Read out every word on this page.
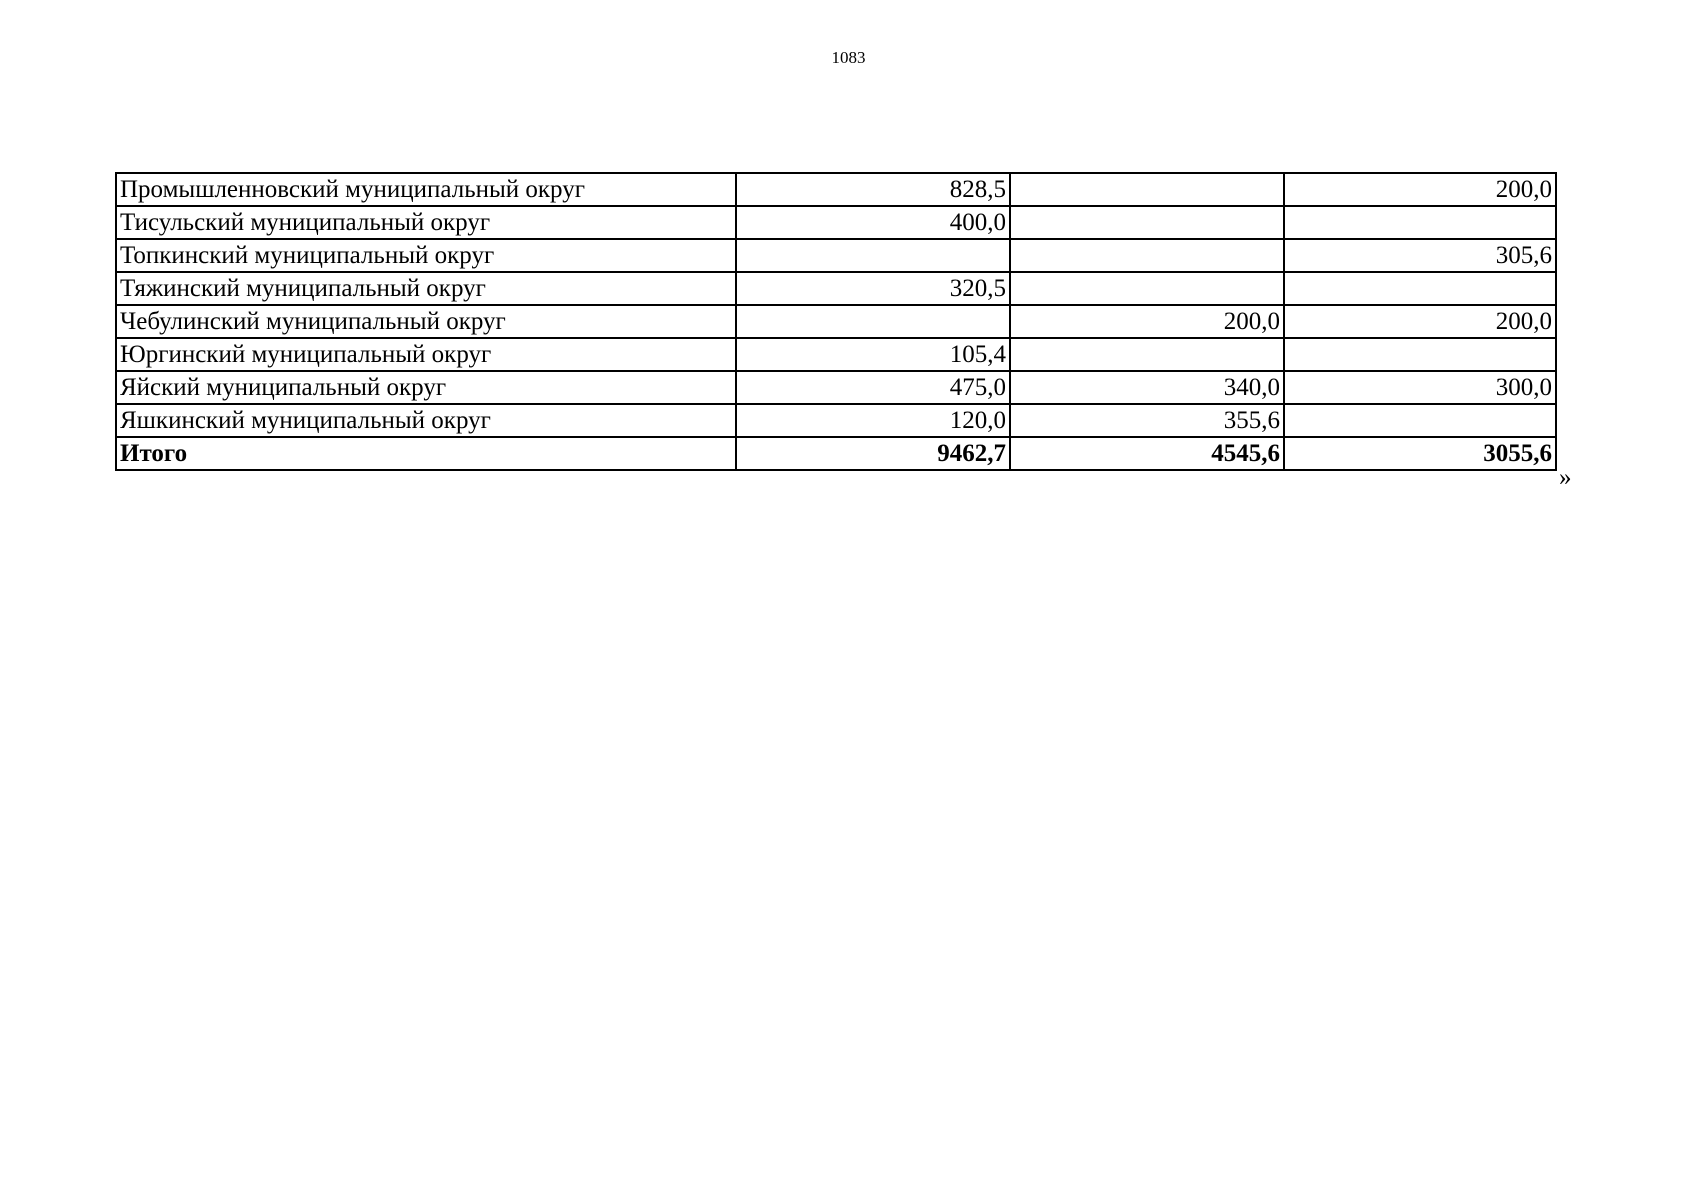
1083
Промышленновский муниципальный округ	828,5		200,0
Тисульский муниципальный округ	400,0		
Топкинский муниципальный округ			305,6
Тяжинский муниципальный округ	320,5		
Чебулинский муниципальный округ		200,0	200,0
Юргинский муниципальный округ	105,4		
Яйский муниципальный округ	475,0	340,0	300,0
Яшкинский муниципальный округ	120,0	355,6	
Итого	9462,7	4545,6	3055,6
»
